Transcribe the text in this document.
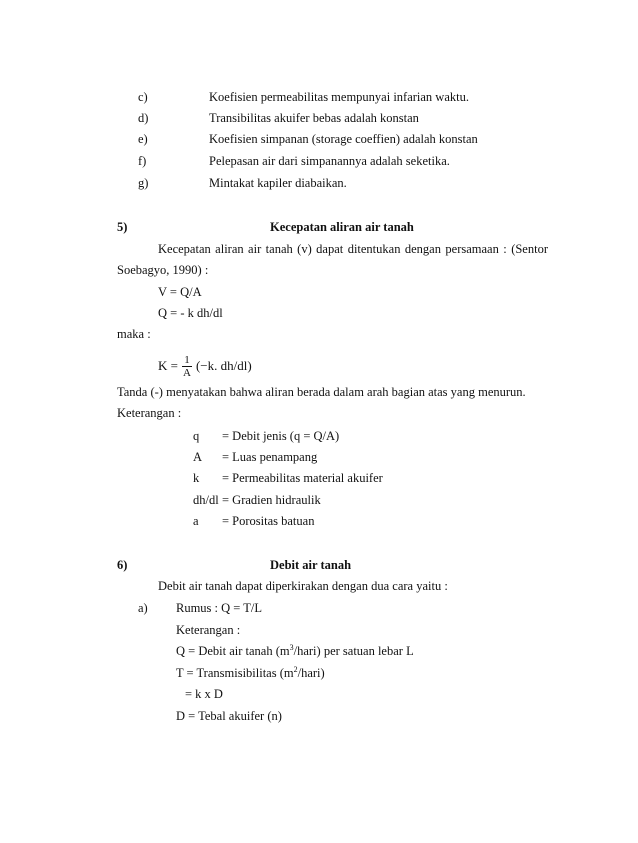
c)	Koefisien permeabilitas mempunyai infarian waktu.
d)	Transibilitas akuifer bebas adalah konstan
e)	Koefisien simpanan (storage coeffien) adalah konstan
f)	Pelepasan air dari simpanannya adalah seketika.
g)	Mintakat kapiler diabaikan.
5)	Kecepatan aliran air tanah
Kecepatan aliran air tanah (v) dapat ditentukan dengan persamaan : (Sentor
Soebagyo, 1990) :
V = Q/A
Q = - k dh/dl
maka :
$K = \frac{1}{A} (-k$. dh/dl)
Tanda (-) menyatakan bahwa aliran berada dalam arah bagian atas yang menurun.
Keterangan :
q = Debit jenis (q = Q/A)
A = Luas penampang
k = Permeabilitas material akuifer
dh/dl = Gradien hidraulik
a = Porositas batuan
6)	Debit air tanah
Debit air tanah dapat diperkirakan dengan dua cara yaitu :
a) Rumus : Q = T/L
Keterangan :
Q = Debit air tanah $(m^3/hari)$ per satuan lebar L
T = Transmisibilitas $(m^2/hari)$
= k x D
D = Tebal akuifer (n)
